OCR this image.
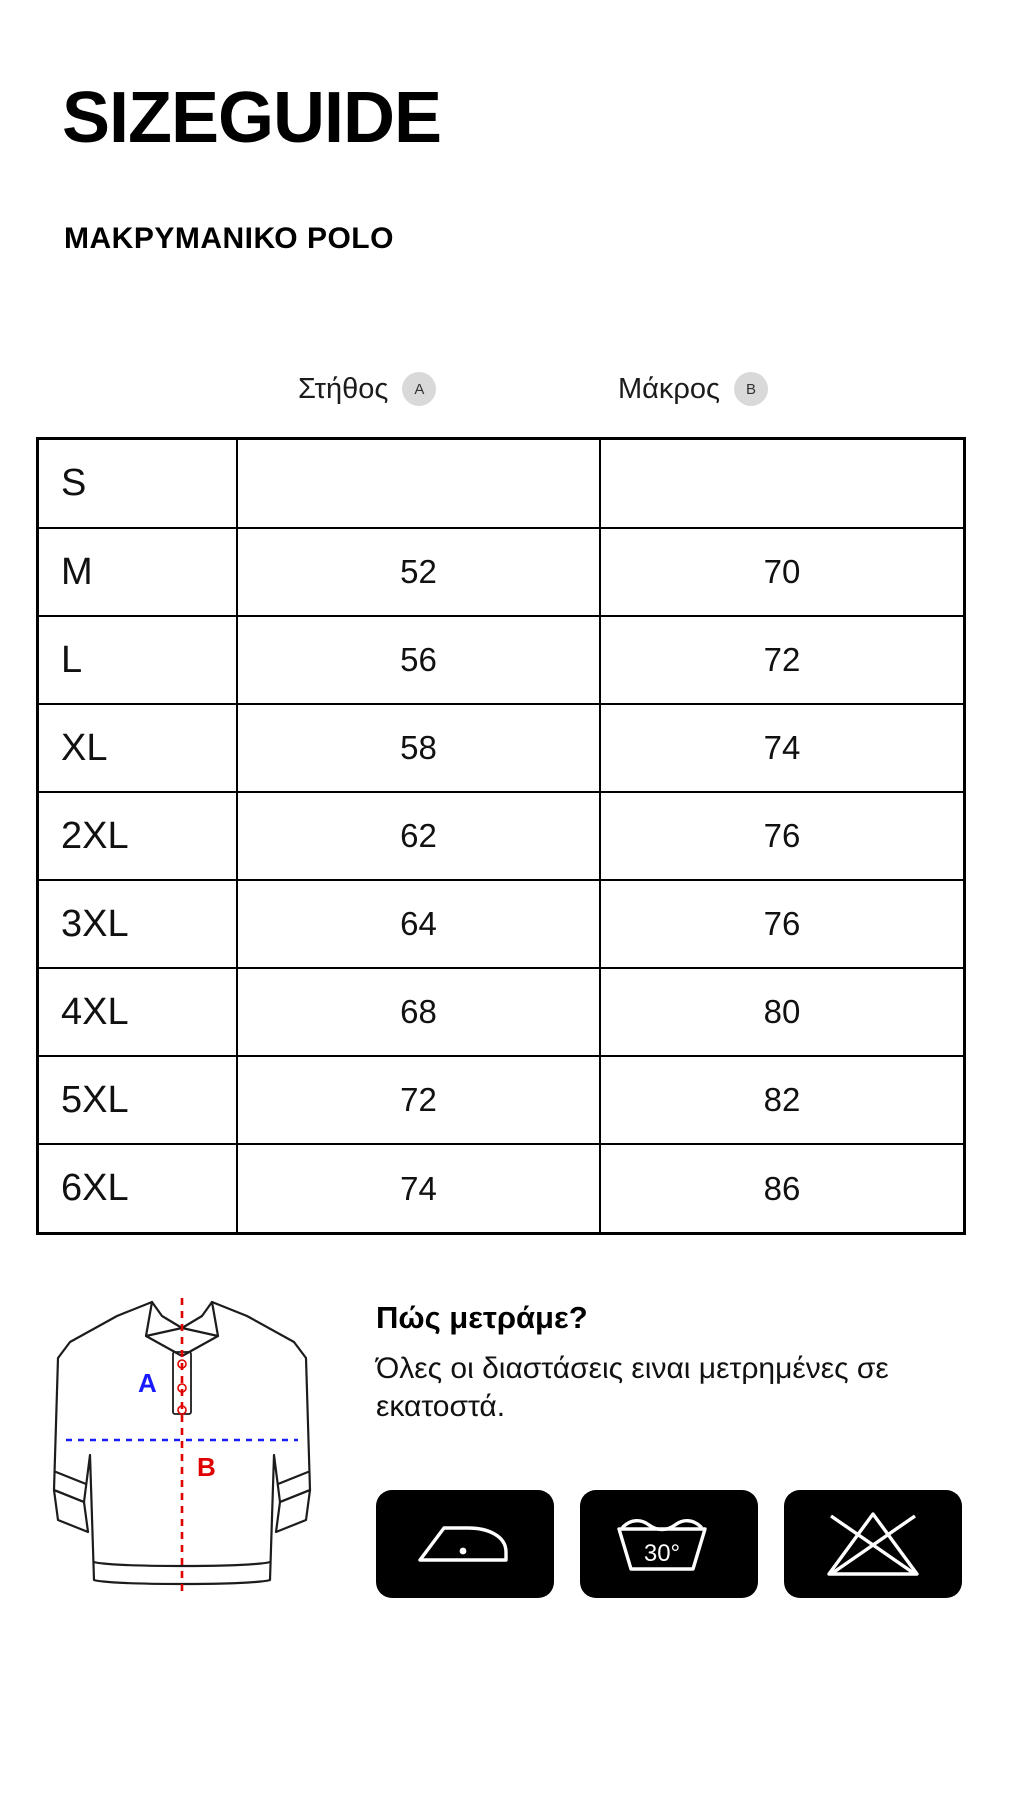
SIZEGUIDE
ΜΑΚΡΥΜΑΝΙΚΟ POLO
Στήθος	A	Μάκρος	B
S		
M	52	70
L	56	72
XL	58	74
2XL	62	76
3XL	64	76
4XL	68	80
5XL	72	82
6XL	74	86
A
B
Πώς μετράμε?
Όλες οι διαστάσεις ειναι μετρημένες σε εκατοστά.
30°
